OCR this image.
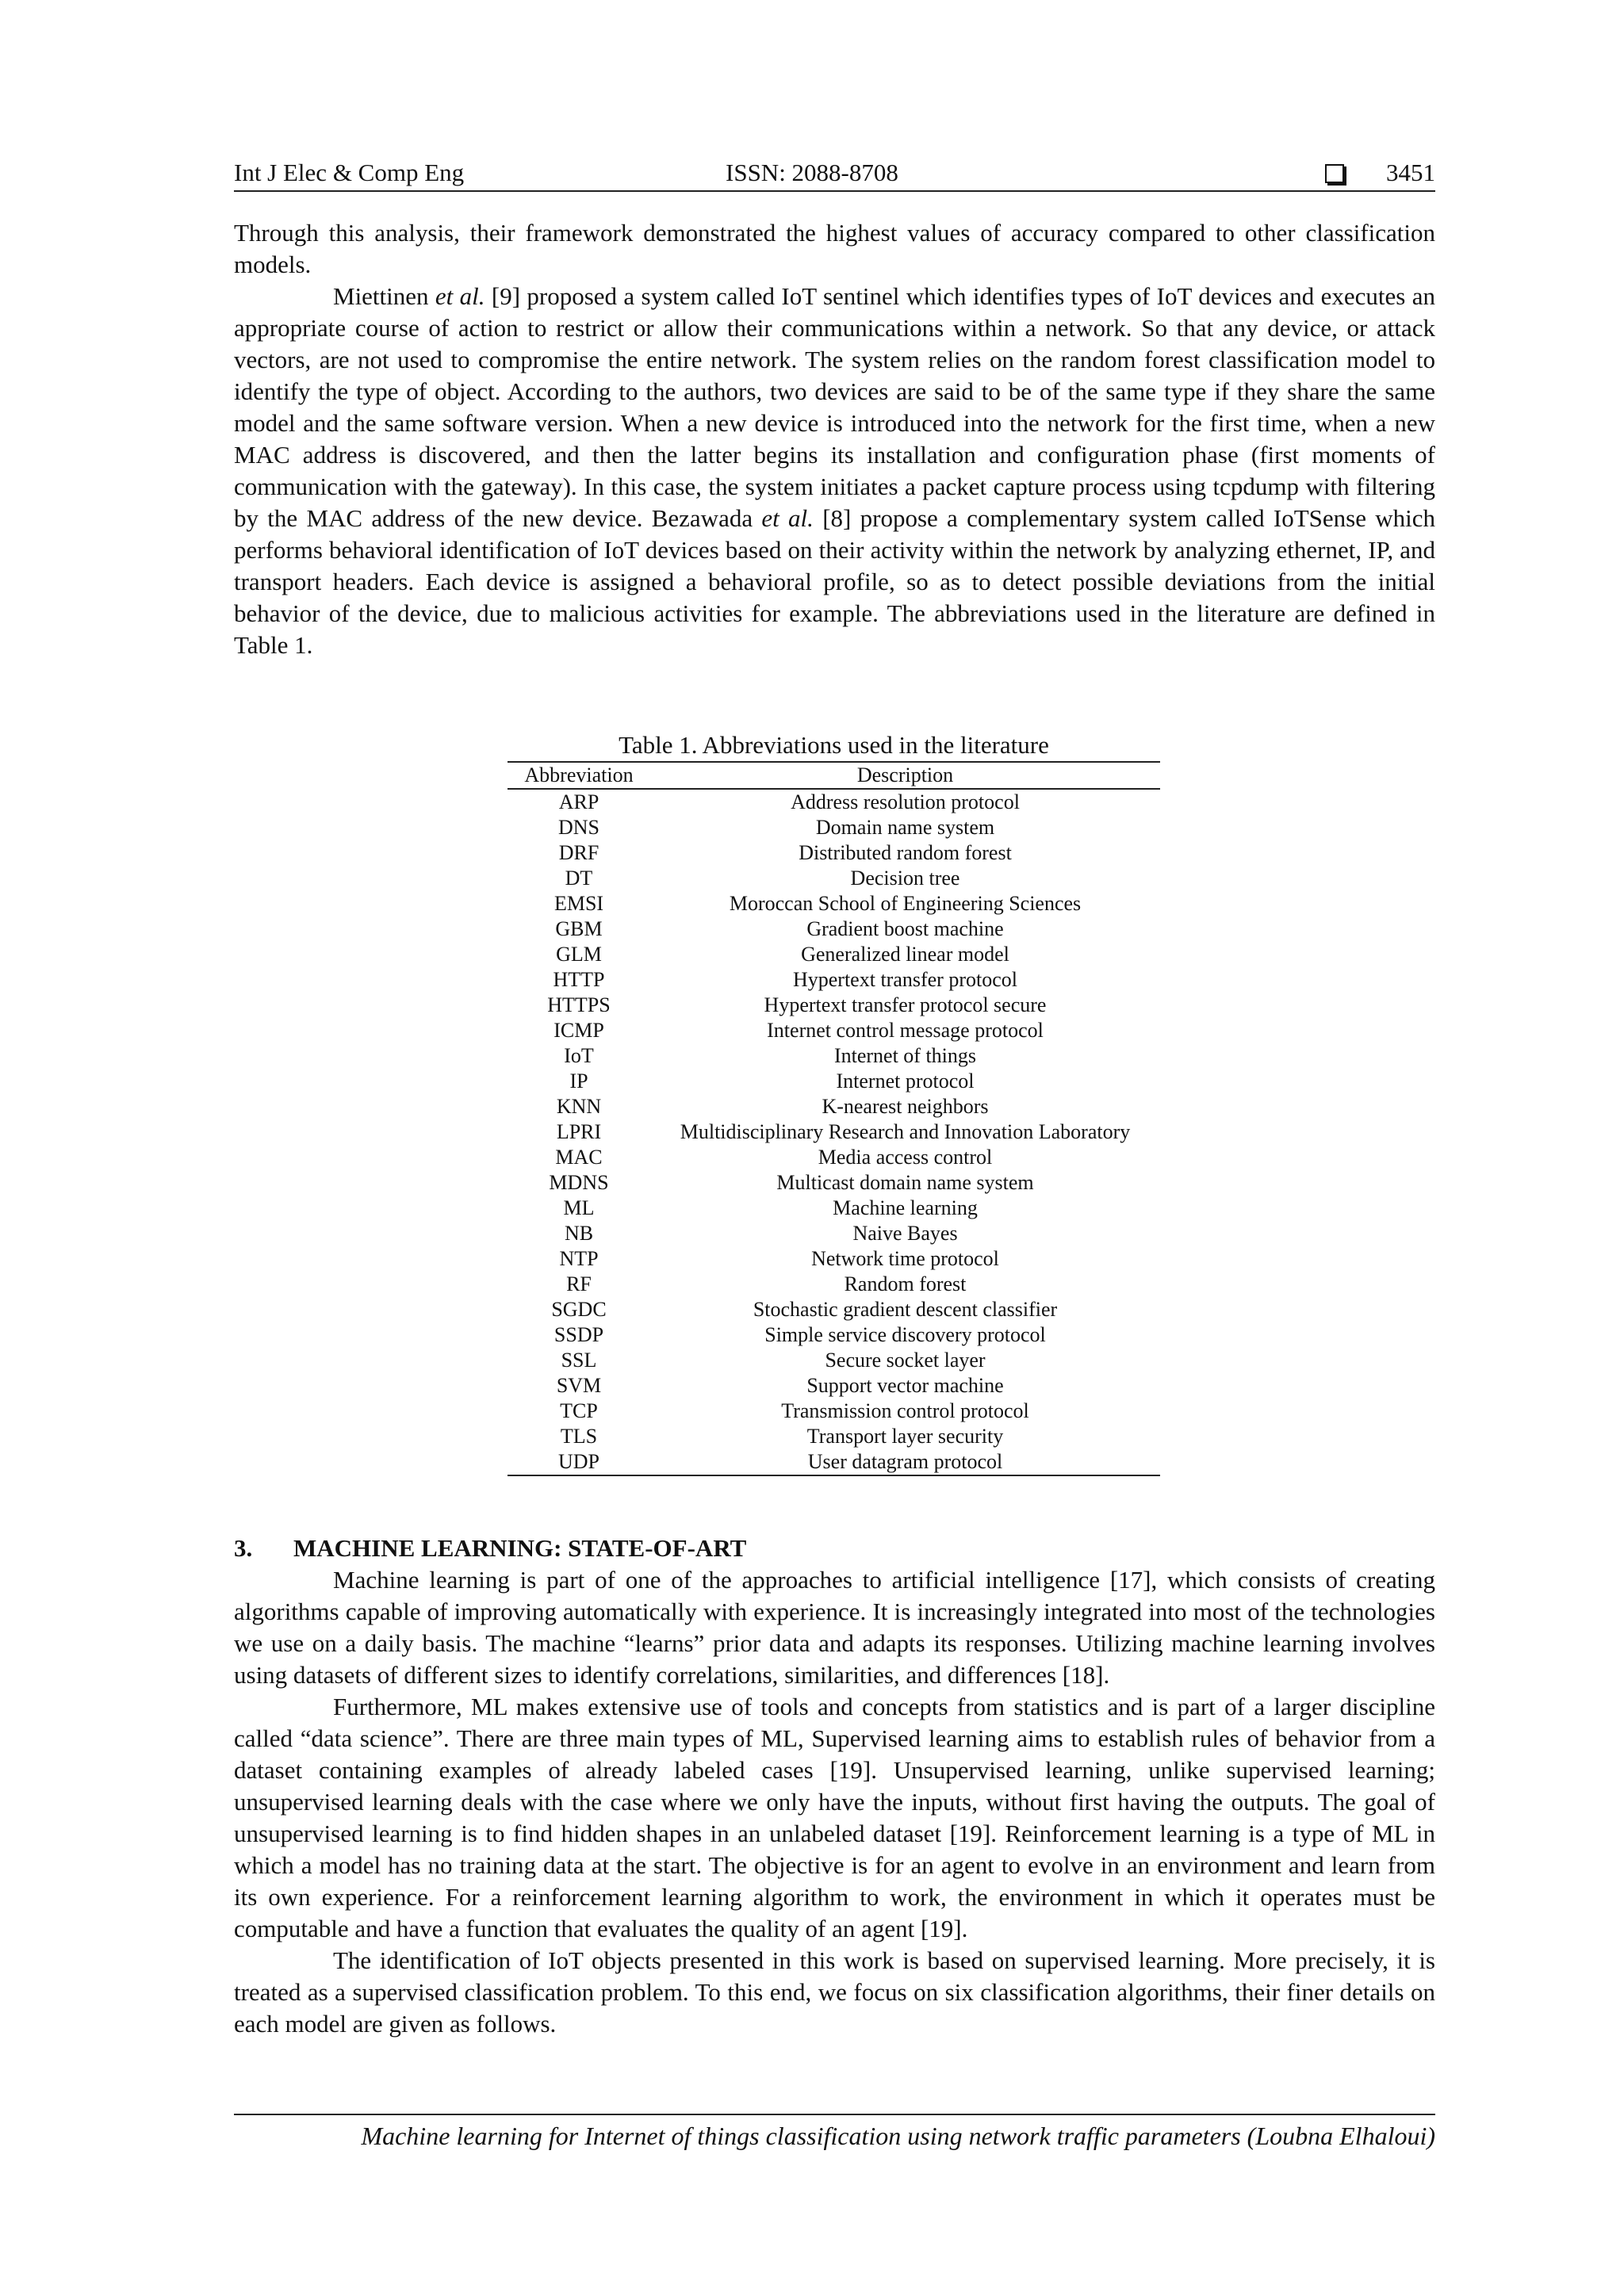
Int J Elec & Comp Eng	ISSN: 2088-8708	3451

Through this analysis, their framework demonstrated the highest values of accuracy compared to other classification models.

Miettinen et al. [9] proposed a system called IoT sentinel which identifies types of IoT devices and executes an appropriate course of action to restrict or allow their communications within a network. So that any device, or attack vectors, are not used to compromise the entire network. The system relies on the random forest classification model to identify the type of object. According to the authors, two devices are said to be of the same type if they share the same model and the same software version. When a new device is introduced into the network for the first time, when a new MAC address is discovered, and then the latter begins its installation and configuration phase (first moments of communication with the gateway). In this case, the system initiates a packet capture process using tcpdump with filtering by the MAC address of the new device. Bezawada et al. [8] propose a complementary system called IoTSense which performs behavioral identification of IoT devices based on their activity within the network by analyzing ethernet, IP, and transport headers. Each device is assigned a behavioral profile, so as to detect possible deviations from the initial behavior of the device, due to malicious activities for example. The abbreviations used in the literature are defined in Table 1.

Table 1. Abbreviations used in the literature
Abbreviation	Description
ARP	Address resolution protocol
DNS	Domain name system
DRF	Distributed random forest
DT	Decision tree
EMSI	Moroccan School of Engineering Sciences
GBM	Gradient boost machine
GLM	Generalized linear model
HTTP	Hypertext transfer protocol
HTTPS	Hypertext transfer protocol secure
ICMP	Internet control message protocol
IoT	Internet of things
IP	Internet protocol
KNN	K-nearest neighbors
LPRI	Multidisciplinary Research and Innovation Laboratory
MAC	Media access control
MDNS	Multicast domain name system
ML	Machine learning
NB	Naive Bayes
NTP	Network time protocol
RF	Random forest
SGDC	Stochastic gradient descent classifier
SSDP	Simple service discovery protocol
SSL	Secure socket layer
SVM	Support vector machine
TCP	Transmission control protocol
TLS	Transport layer security
UDP	User datagram protocol
3. MACHINE LEARNING: STATE-OF-ART

Machine learning is part of one of the approaches to artificial intelligence [17], which consists of creating algorithms capable of improving automatically with experience. It is increasingly integrated into most of the technologies we use on a daily basis. The machine “learns” prior data and adapts its responses. Utilizing machine learning involves using datasets of different sizes to identify correlations, similarities, and differences [18].

Furthermore, ML makes extensive use of tools and concepts from statistics and is part of a larger discipline called “data science”. There are three main types of ML, Supervised learning aims to establish rules of behavior from a dataset containing examples of already labeled cases [19]. Unsupervised learning, unlike supervised learning; unsupervised learning deals with the case where we only have the inputs, without first having the outputs. The goal of unsupervised learning is to find hidden shapes in an unlabeled dataset [19]. Reinforcement learning is a type of ML in which a model has no training data at the start. The objective is for an agent to evolve in an environment and learn from its own experience. For a reinforcement learning algorithm to work, the environment in which it operates must be computable and have a function that evaluates the quality of an agent [19].

The identification of IoT objects presented in this work is based on supervised learning. More precisely, it is treated as a supervised classification problem. To this end, we focus on six classification algorithms, their finer details on each model are given as follows.

Machine learning for Internet of things classification using network traffic parameters (Loubna Elhaloui)
